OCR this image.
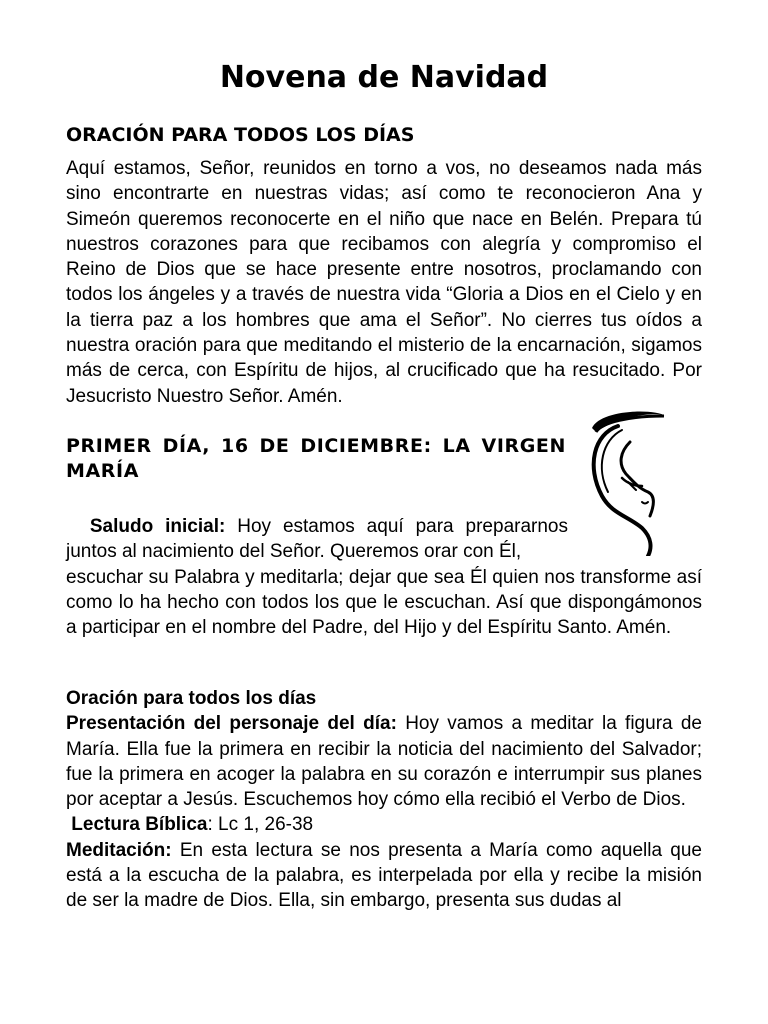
Novena de Navidad
ORACIÓN PARA TODOS LOS DÍAS

Aquí estamos, Señor, reunidos en torno a vos, no deseamos nada más sino encontrarte en nuestras vidas; así como te reconocieron Ana y Simeón queremos reconocerte en el niño que nace en Belén. Prepara tú nuestros corazones para que recibamos con alegría y compromiso el Reino de Dios que se hace presente entre nosotros, proclamando con todos los ángeles y a través de nuestra vida “Gloria a Dios en el Cielo y en la tierra paz a los hombres que ama el Señor”. No cierres tus oídos a nuestra oración para que meditando el misterio de la encarnación, sigamos más de cerca, con Espíritu de hijos, al crucificado que ha resucitado. Por Jesucristo Nuestro Señor. Amén.

PRIMER DÍA, 16 DE DICIEMBRE: LA VIRGEN
MARÍA

Saludo inicial: Hoy estamos aquí para prepararnos
juntos al nacimiento del Señor. Queremos orar con Él,
escuchar su Palabra y meditarla; dejar que sea Él quien nos transforme así como lo ha hecho con todos los que le escuchan. Así que dispongámonos a participar en el nombre del Padre, del Hijo y del Espíritu Santo. Amén.

Oración para todos los días
Presentación del personaje del día: Hoy vamos a meditar la figura de María. Ella fue la primera en recibir la noticia del nacimiento del Salvador; fue la primera en acoger la palabra en su corazón e interrumpir sus planes por aceptar a Jesús. Escuchemos hoy cómo ella recibió el Verbo de Dios.
Lectura Bíblica: Lc 1, 26-38
Meditación: En esta lectura se nos presenta a María como aquella que está a la escucha de la palabra, es interpelada por ella y recibe la misión de ser la madre de Dios. Ella, sin embargo, presenta sus dudas al
